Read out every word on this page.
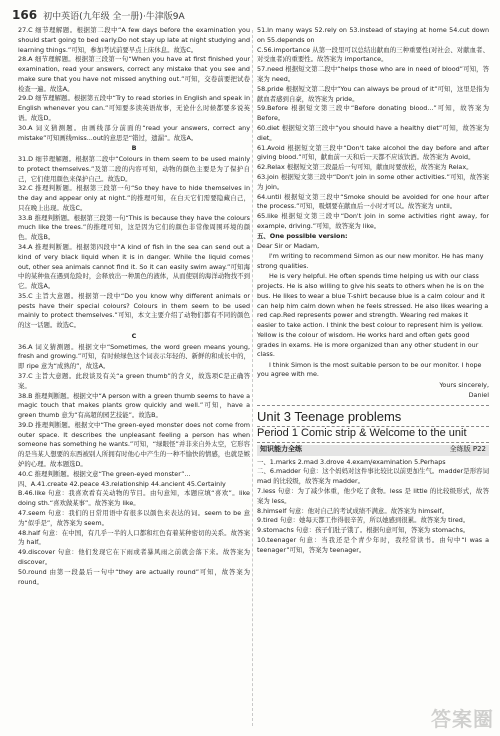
166 初中英语(九年级 全一册)·牛津版9A

27.C 细节理解题。根据第二段中“A few days before the examination you should start going to bed early.Do not stay up late at night studying and learning things.”可知，参加考试前要早点上床休息。故选C。

28.A 细节理解题。根据第三段第一句“When you have at first finished your examination, read your answers, correct any mistake that you see and make sure that you have not missed anything out.”可知，交卷前要把试卷检查一遍。故选A。

29.D 细节理解题。根据第五段中“Try to read stories in English and speak in English whenever you can.”可知要多读英语故事，无论什么时候都要多说英语。故选D。

30.A 词义猜测题。由画线部分前面的“read your answers, correct any mistake”可知画线miss...out的意思是“错过，遗漏”。故选A。

B

31.D 细节理解题。根据第二段中“Colours in them seem to be used mainly to protect themselves.”及第二段的内容可知，动物的颜色主要是为了保护自己，它们使用颜色来保护自己。故选D。

32.C 推理判断题。根据第三段第一句“So they have to hide themselves in the day and appear only at night.”的推理可知，在白天它们需要隐藏自己，只在晚上出现。故选C。

33.B 推理判断题。根据第三段第一句“This is because they have the colours much like the trees.”的推理可知，这是因为它们的颜色非常像周围环境的颜色。故选B。

34.A 推理判断题。根据第四段中“A kind of fish in the sea can send out a kind of very black liquid when it is in danger. While the liquid comes out, other sea animals cannot find it. So it can easily swim away.”可知海中的某种鱼在遇到危险时，会释放出一种黑色的液体，从而使别的海洋动物找不到它。故选A。

35.C 主旨大意题。根据第一段中“Do you know why different animals or pests have their special colours? Colours in them seem to be used mainly to protect themselves.”可知，本文主要介绍了动物们都有不同的颜色的这一话题。故选C。

C

36.A 词义猜测题。根据文中“Sometimes, the word green means young, fresh and growing.”可知，有时候绿色这个词表示年轻的、新鲜的和成长中的，即 ripe 意为“成熟的”，故选A。

37.C 主旨大意题。此段谈及有关“a green thumb”的含义，故选项C是正确答案。

38.B 推理判断题。根据文中“A person with a green thumb seems to have a magic touch that makes plants grow quickly and well.”可知，have a green thumb 意为“有高超的园艺技能”。故选B。

39.D 推理判断题。根据文中“The green-eyed monster does not come from outer space. It describes the unpleasant feeling a person has when someone has something he wants.”可知，“绿眼怪”并非来自外太空，它形容的是当某人想要的东西被别人所拥有时他心中产生的一种不愉快的情感，也就是嫉妒的心理。故本题选D。

40.C 推理判断题。根据文意“The green-eyed monster”...

四、A.41.create 42.peace 43.relationship 44.ancient 45.Certainly

B.46.like 句意：我喜欢看有关动物的节目。由句意知，本题应填“喜欢”。like doing sth.“喜欢做某事”。故答案为 like。

47.seem 句意：我们的日常用语中有很多以颜色来表达的词。seem to be 意为“似乎是”，故答案为 seem。

48.half 句意：在中国，有几乎一半的人口都和红色有着某种密切的关系。故答案为 half。

49.discover 句意：他们发现它在下雨或者暴风雨之前就会落下来。故答案为 discover。

50.round 由第一段最后一句中“they are actually round”可知，故答案为 round。

51.In many ways 52.rely on 53.instead of staying at home 54.cut down on 55.depends on

C.56.importance 从第一段里可以总结出献血的三种重要性(对社会、对献血者、对受血者)的重要性。故答案为 importance。

57.need 根据短文第二段中“helps those who are in need of blood”可知，答案为 need。

58.pride 根据短文第二段中“You can always be proud of it”可知，这里是指为献血者感到自豪，故答案为 pride。

59.Before 根据短文第三段中“Before donating blood...”可知，故答案为 Before。

60.diet 根据短文第三段中“you should have a healthy diet”可知，故答案为 diet。

61.Avoid 根据短文第三段中“Don't take alcohol the day before and after giving blood.”可知，献血前一天和后一天都不应该饮酒。故答案为 Avoid。

62.Relax 根据短文第三段最后一句可知，献血时要放松，故答案为 Relax。

63.join 根据短文第三段中“Don't join in some other activities.”可知，故答案为 join。

64.until 根据短文第三段中“Smoke should be avoided for one hour after the process.”可知，吸烟要在献血后一小时才可以。故答案为 until。

65.like 根据短文第三段中“Don't join in some activities right away, for example, driving.”可知，故答案为 like。

五、One possible version:

Dear Sir or Madam,

I'm writing to recommend Simon as our new monitor. He has many strong qualities.

He is very helpful. He often spends time helping us with our class projects. He is also willing to give his seats to others when he is on the bus. He likes to wear a blue T-shirt because blue is a calm colour and it can help him calm down when he feels stressed. He also likes wearing a red cap.Red represents power and strength. Wearing red makes it easier to take action. I think the best colour to represent him is yellow. Yellow is the colour of wisdom. He works hard and often gets good grades in exams. He is more organized than any other student in our class.

I think Simon is the most suitable person to be our monitor. I hope you agree with me.

Yours sincerely,

Daniel

Unit 3 Teenage problems
Period 1 Comic strip & Welcome to the unit
知识能力全练	全练版 P22

一、1.marks 2.mad 3.drove 4.exam/examination 5.Perhaps

二、6.madder 句意：这个妈妈对这件事比较比以前更加生气。madder是形容词 mad 的比较级，故答案为 madder。

7.less 句意：为了减少体重，他少吃了食物。less 是 little 的比较级形式，故答案为 less。

8.himself 句意：他对自己的考试成绩不满意。故答案为 himself。

9.tired 句意：她每天都工作得很辛苦，所以她感到很累。故答案为 tired。

9.stomachs 句意：孩子们肚子饿了。根据句意可知，答案为 stomachs。

10.teenager 句意：当我还是个青少年时，我经常读书。由句中“I was a teenager”可知，答案为 teenager。

答案圈
